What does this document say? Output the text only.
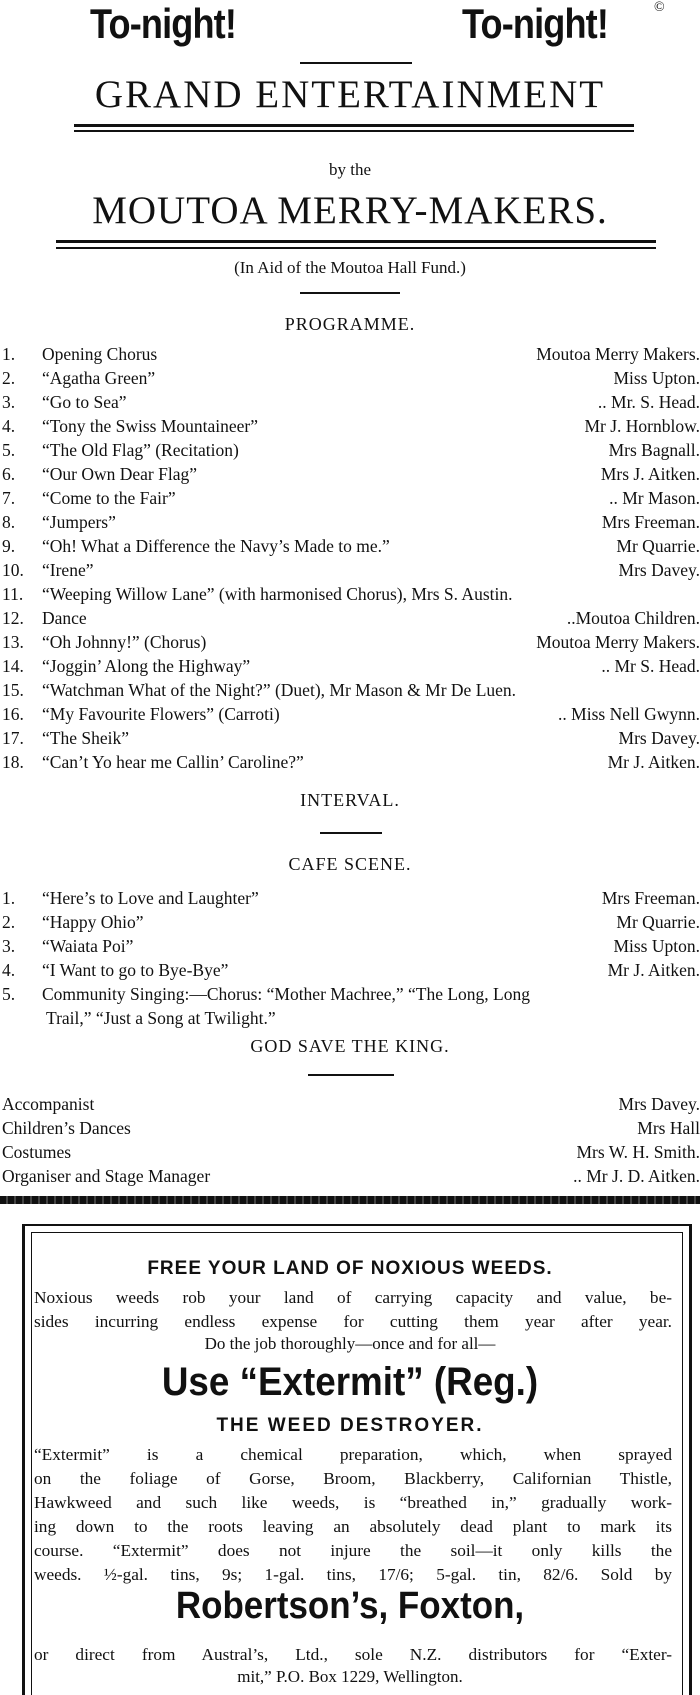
To-night!	To-night!	©
GRAND ENTERTAINMENT
by the
MOUTOA MERRY-MAKERS.
(In Aid of the Moutoa Hall Fund.)
PROGRAMME.
1. Opening Chorus	Moutoa Merry Makers.
2. “Agatha Green”	Miss Upton.
3. “Go to Sea”	.. Mr. S. Head.
4. “Tony the Swiss Mountaineer”	Mr J. Hornblow.
5. “The Old Flag” (Recitation)	Mrs Bagnall.
6. “Our Own Dear Flag”	Mrs J. Aitken.
7. “Come to the Fair”	.. Mr Mason.
8. “Jumpers”	Mrs Freeman.
9. “Oh! What a Difference the Navy’s Made to me.”	Mr Quarrie.
10. “Irene”	Mrs Davey.
11. “Weeping Willow Lane” (with harmonised Chorus), Mrs S. Austin.
12. Dance	..Moutoa Children.
13. “Oh Johnny!” (Chorus)	Moutoa Merry Makers.
14. “Joggin’ Along the Highway”	.. Mr S. Head.
15. “Watchman What of the Night?” (Duet), Mr Mason & Mr De Luen.
16. “My Favourite Flowers” (Carroti)	.. Miss Nell Gwynn.
17. “The Sheik”	Mrs Davey.
18. “Can’t Yo hear me Callin’ Caroline?”	Mr J. Aitken.
INTERVAL.
CAFE SCENE.
1. “Here’s to Love and Laughter”	Mrs Freeman.
2. “Happy Ohio”	Mr Quarrie.
3. “Waiata Poi”	Miss Upton.
4. “I Want to go to Bye-Bye”	Mr J. Aitken.
5. Community Singing:—Chorus: “Mother Machree,” “The Long, Long
Trail,” “Just a Song at Twilight.”
GOD SAVE THE KING.
Accompanist	Mrs Davey.
Children’s Dances	Mrs Hall
Costumes	Mrs W. H. Smith.
Organiser and Stage Manager	.. Mr J. D. Aitken.
FREE YOUR LAND OF NOXIOUS WEEDS.
Noxious weeds rob your land of carrying capacity and value, be-
sides incurring endless expense for cutting them year after year.
Do the job thoroughly—once and for all—
Use “Extermit” (Reg.)
THE WEED DESTROYER.
“Extermit” is a chemical preparation, which, when sprayed
on the foliage of Gorse, Broom, Blackberry, Californian Thistle,
Hawkweed and such like weeds, is “breathed in,” gradually work-
ing down to the roots leaving an absolutely dead plant to mark its
course. “Extermit” does not injure the soil—it only kills the
weeds. ½-gal. tins, 9s; 1-gal. tins, 17/6; 5-gal. tin, 82/6. Sold by
Robertson’s, Foxton,
or direct from Austral’s, Ltd., sole N.Z. distributors for “Exter-
mit,” P.O. Box 1229, Wellington.
